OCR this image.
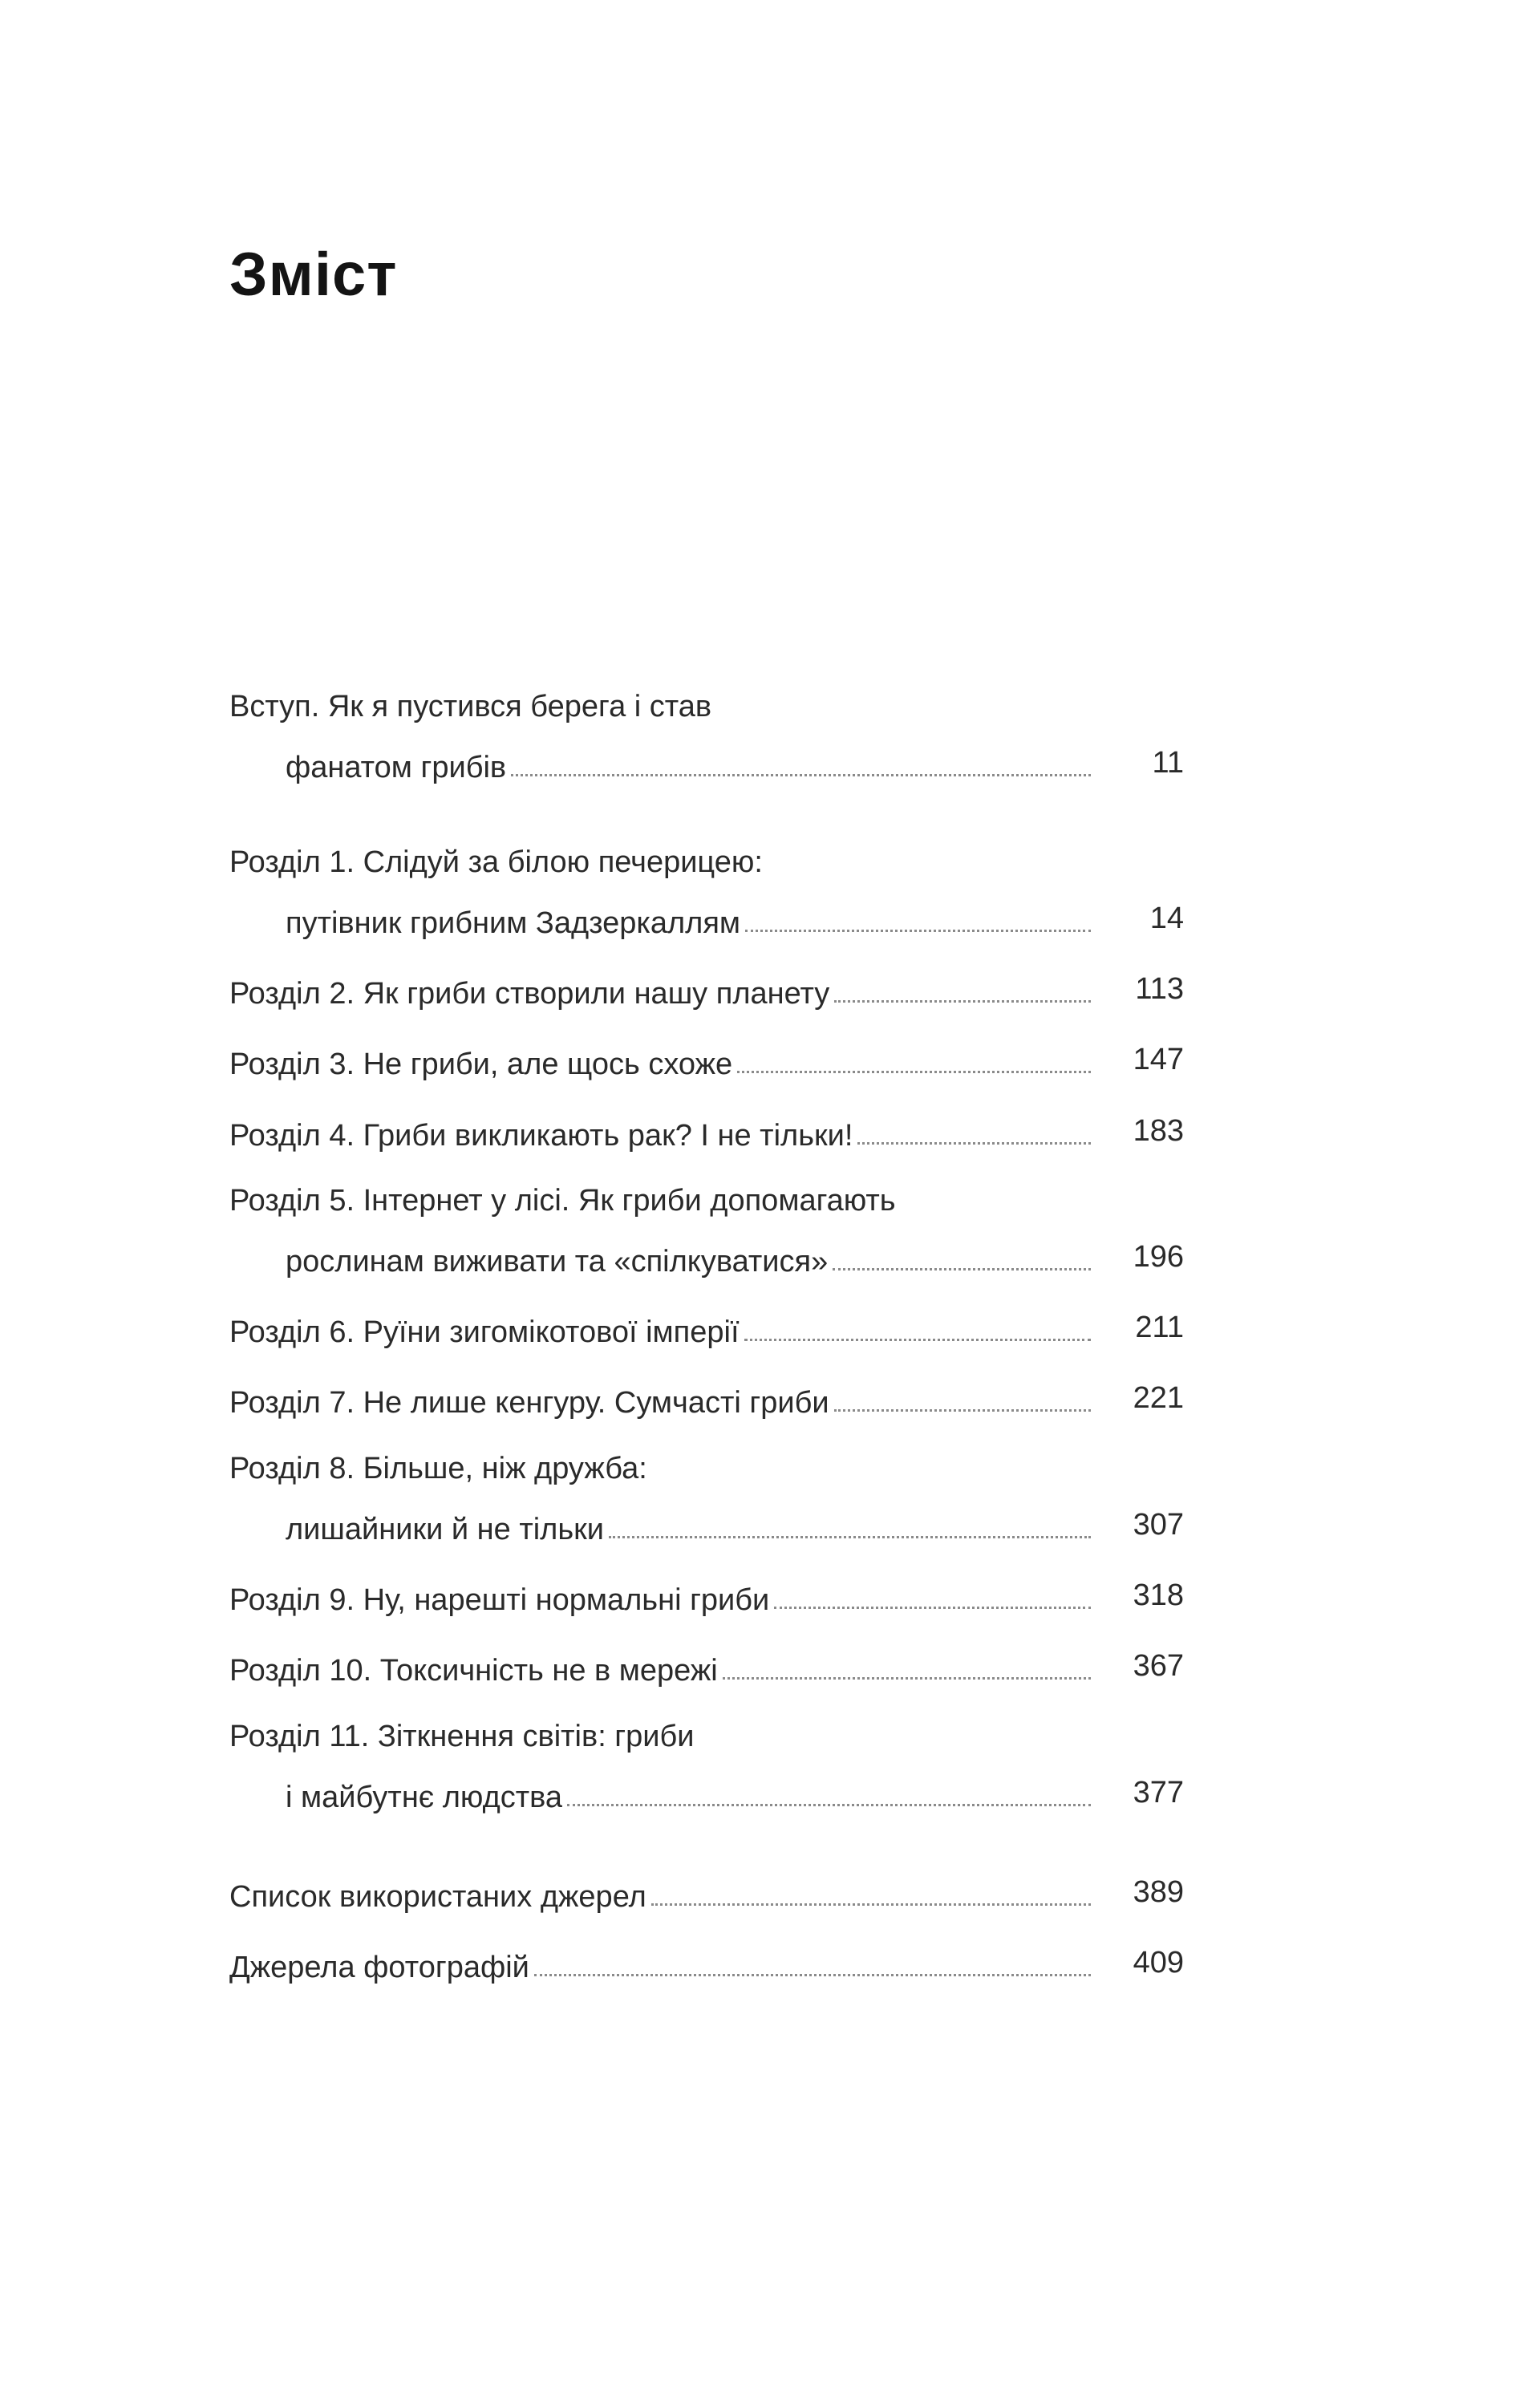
Зміст
Вступ. Як я пустився берега і став
фанатом грибів	11
Розділ 1. Слідуй за білою печерицею:
путівник грибним Задзеркаллям	14
Розділ 2. Як гриби створили нашу планету	113
Розділ 3. Не гриби, але щось схоже	147
Розділ 4. Гриби викликають рак? І не тільки!	183
Розділ 5. Інтернет у лісі. Як гриби допомагають
рослинам виживати та «спілкуватися»	196
Розділ 6. Руїни зигомікотової імперії	211
Розділ 7. Не лише кенгуру. Сумчасті гриби	221
Розділ 8. Більше, ніж дружба:
лишайники й не тільки	307
Розділ 9. Ну, нарешті нормальні гриби	318
Розділ 10. Токсичність не в мережі	367
Розділ 11. Зіткнення світів: гриби
і майбутнє людства	377
Список використаних джерел	389
Джерела фотографій	409
